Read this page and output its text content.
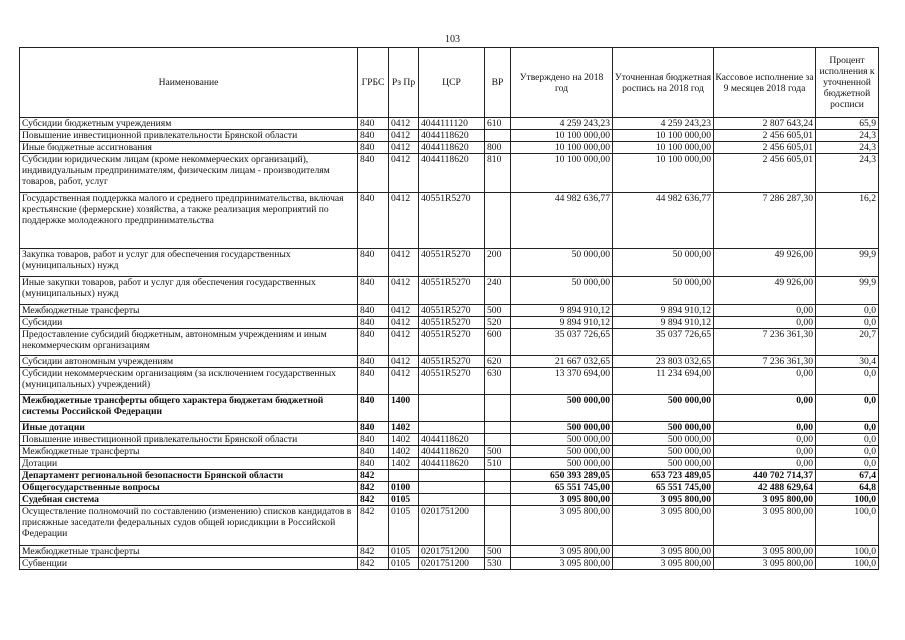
103
Наименование	ГРБС	Рз Пр	ЦСР	ВР	Утверждено на 2018 год	Уточненная бюджетная роспись на 2018 год	Кассовое исполнение за 9 месяцев 2018 года	Процент исполнения к уточненной бюджетной росписи
Субсидии бюджетным учреждениям	840	0412	4044111120	610	4 259 243,23	4 259 243,23	2 807 643,24	65,9
Повышение инвестиционной привлекательности Брянской области	840	0412	4044118620		10 100 000,00	10 100 000,00	2 456 605,01	24,3
Иные бюджетные ассигнования	840	0412	4044118620	800	10 100 000,00	10 100 000,00	2 456 605,01	24,3
Субсидии юридическим лицам (кроме некоммерческих организаций), индивидуальным предпринимателям, физическим лицам - производителям товаров, работ, услуг	840	0412	4044118620	810	10 100 000,00	10 100 000,00	2 456 605,01	24,3
Государственная поддержка малого и среднего предпринимательства, включая крестьянские (фермерские) хозяйства, а также реализация мероприятий по поддержке молодежного предпринимательства	840	0412	40551R5270		44 982 636,77	44 982 636,77	7 286 287,30	16,2
Закупка товаров, работ и услуг для обеспечения государственных (муниципальных) нужд	840	0412	40551R5270	200	50 000,00	50 000,00	49 926,00	99,9
Иные закупки товаров, работ и услуг для обеспечения государственных (муниципальных) нужд	840	0412	40551R5270	240	50 000,00	50 000,00	49 926,00	99,9
Межбюджетные трансферты	840	0412	40551R5270	500	9 894 910,12	9 894 910,12	0,00	0,0
Субсидии	840	0412	40551R5270	520	9 894 910,12	9 894 910,12	0,00	0,0
Предоставление субсидий бюджетным, автономным учреждениям и иным некоммерческим организациям	840	0412	40551R5270	600	35 037 726,65	35 037 726,65	7 236 361,30	20,7
Субсидии автономным учреждениям	840	0412	40551R5270	620	21 667 032,65	23 803 032,65	7 236 361,30	30,4
Субсидии некоммерческим организациям (за исключением государственных (муниципальных) учреждений)	840	0412	40551R5270	630	13 370 694,00	11 234 694,00	0,00	0,0
Межбюджетные трансферты общего характера бюджетам бюджетной системы Российской Федерации	840	1400			500 000,00	500 000,00	0,00	0,0
Иные дотации	840	1402			500 000,00	500 000,00	0,00	0,0
Повышение инвестиционной привлекательности Брянской области	840	1402	4044118620		500 000,00	500 000,00	0,00	0,0
Межбюджетные трансферты	840	1402	4044118620	500	500 000,00	500 000,00	0,00	0,0
Дотации	840	1402	4044118620	510	500 000,00	500 000,00	0,00	0,0
Департамент региональной безопасности Брянской области	842				650 393 289,05	653 723 489,05	440 702 714,37	67,4
Общегосударственные вопросы	842	0100			65 551 745,00	65 551 745,00	42 488 629,64	64,8
Судебная система	842	0105			3 095 800,00	3 095 800,00	3 095 800,00	100,0
Осуществление полномочий по составлению (изменению) списков кандидатов в присяжные заседатели федеральных судов общей юрисдикции в Российской Федерации	842	0105	0201751200		3 095 800,00	3 095 800,00	3 095 800,00	100,0
Межбюджетные трансферты	842	0105	0201751200	500	3 095 800,00	3 095 800,00	3 095 800,00	100,0
Субвенции	842	0105	0201751200	530	3 095 800,00	3 095 800,00	3 095 800,00	100,0
